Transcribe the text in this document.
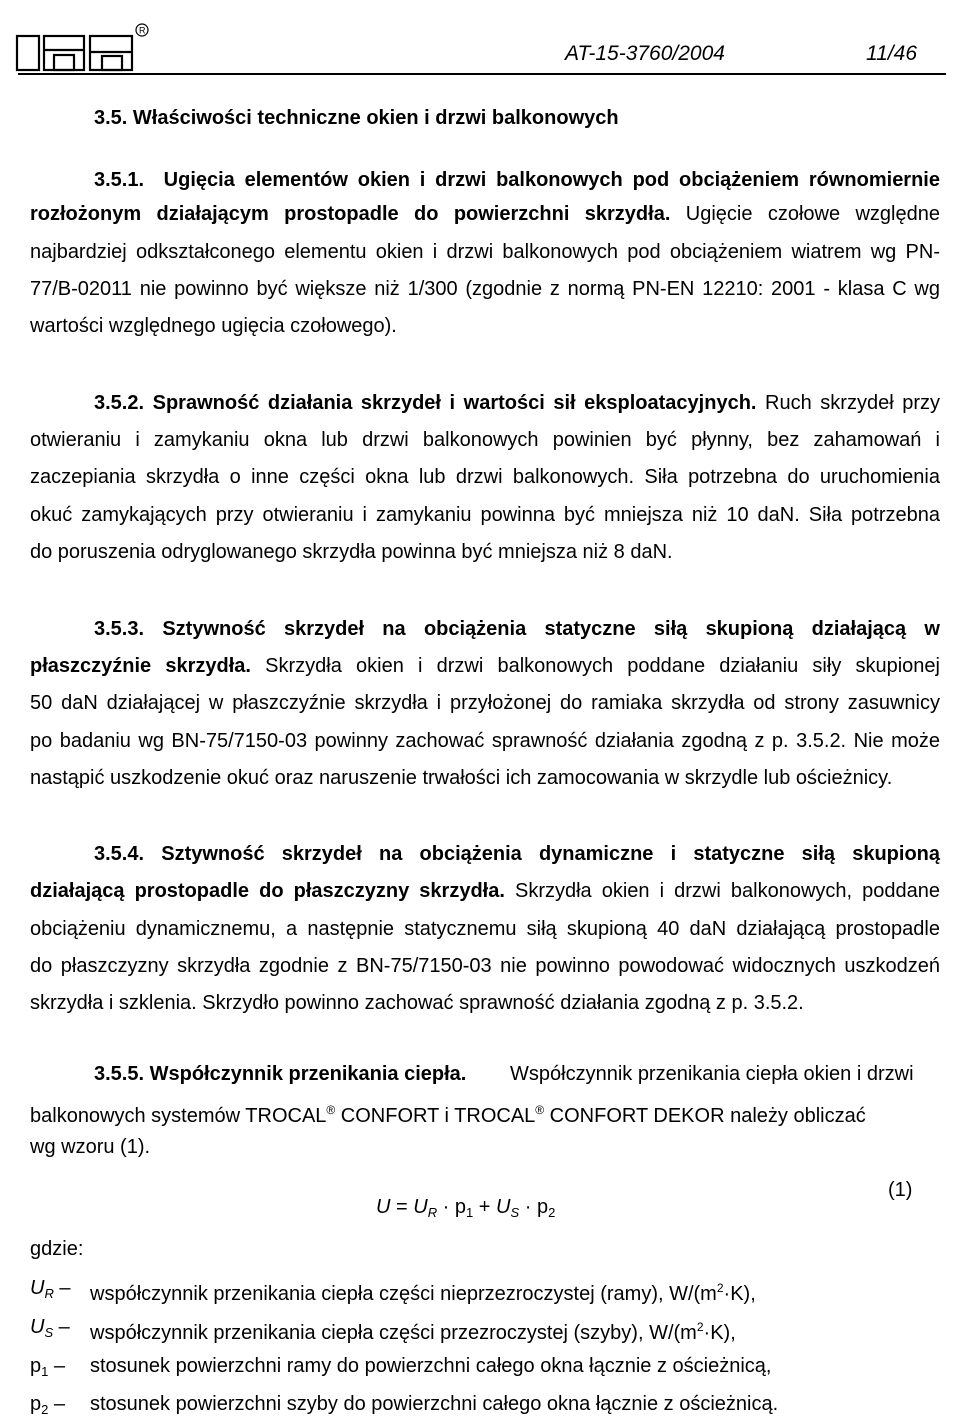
R
AT-15-3760/2004	11/46
3.5. Właściwości techniczne okien i drzwi balkonowych
3.5.1. Ugięcia elementów okien i drzwi balkonowych pod obciążeniem równomiernie
rozłożonym działającym prostopadle do powierzchni skrzydła. Ugięcie czołowe względne
najbardziej odkształconego elementu okien i drzwi balkonowych pod obciążeniem wiatrem wg PN-
77/B-02011 nie powinno być większe niż 1/300 (zgodnie z normą PN-EN 12210: 2001 - klasa C wg
wartości względnego ugięcia czołowego).
3.5.2. Sprawność działania skrzydeł i wartości sił eksploatacyjnych. Ruch skrzydeł przy
otwieraniu i zamykaniu okna lub drzwi balkonowych powinien być płynny, bez zahamowań i
zaczepiania skrzydła o inne części okna lub drzwi balkonowych. Siła potrzebna do uruchomienia
okuć zamykających przy otwieraniu i zamykaniu powinna być mniejsza niż 10 daN. Siła potrzebna
do poruszenia odryglowanego skrzydła powinna być mniejsza niż 8 daN.
3.5.3. Sztywność skrzydeł na obciążenia statyczne siłą skupioną działającą w
płaszczyźnie skrzydła. Skrzydła okien i drzwi balkonowych poddane działaniu siły skupionej
50 daN działającej w płaszczyźnie skrzydła i przyłożonej do ramiaka skrzydła od strony zasuwnicy
po badaniu wg BN-75/7150-03 powinny zachować sprawność działania zgodną z p. 3.5.2. Nie może
nastąpić uszkodzenie okuć oraz naruszenie trwałości ich zamocowania w skrzydle lub ościeżnicy.
3.5.4. Sztywność skrzydeł na obciążenia dynamiczne i statyczne siłą skupioną
działającą prostopadle do płaszczyzny skrzydła. Skrzydła okien i drzwi balkonowych, poddane
obciążeniu dynamicznemu, a następnie statycznemu siłą skupioną 40 daN działającą prostopadle
do płaszczyzny skrzydła zgodnie z BN-75/7150-03 nie powinno powodować widocznych uszkodzeń
skrzydła i szklenia. Skrzydło powinno zachować sprawność działania zgodną z p. 3.5.2.
3.5.5. Współczynnik przenikania ciepła. Współczynnik przenikania ciepła okien i drzwi
balkonowych systemów TROCAL® CONFORT i TROCAL® CONFORT DEKOR należy obliczać
wg wzoru (1).
(1)
$U = U_R \cdot p_1 + U_S \cdot p_2$
gdzie:
$U_R$ – współczynnik przenikania ciepła części nieprzezroczystej (ramy), $W/(m^2\cdot K)$,
$U_S$ – współczynnik przenikania ciepła części przezroczystej (szyby), $W/(m^2\cdot K)$,
$p_1$ – stosunek powierzchni ramy do powierzchni całego okna łącznie z ościeżnicą,
$p_2$ – stosunek powierzchni szyby do powierzchni całego okna łącznie z ościeżnicą.
